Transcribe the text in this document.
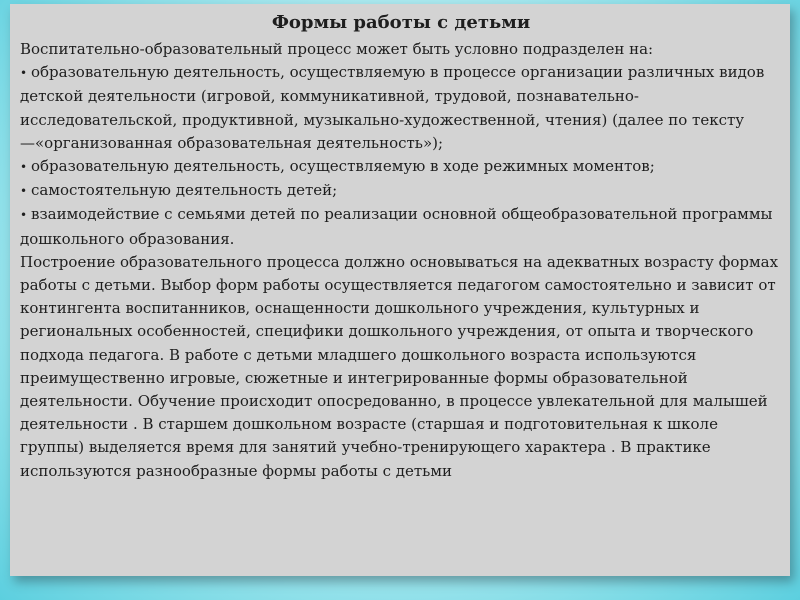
Формы работы с детьми

Воспитательно-образовательный процесс может быть условно подразделен на:

• образовательную деятельность, осуществляемую в процессе организации различных видов детской деятельности (игровой, коммуникативной, трудовой, познавательно-исследовательской, продуктивной, музыкально-художественной, чтения) (далее по тексту —«организованная образовательная деятельность»);
• образовательную деятельность, осуществляемую в ходе режимных моментов;
• самостоятельную деятельность детей;
• взаимодействие с семьями детей по реализации основной общеобразовательной программы дошкольного образования.

Построение образовательного процесса должно основываться на адекватных возрасту формах работы с детьми. Выбор форм работы осуществляется педагогом самостоятельно и зависит от контингента воспитанников, оснащенности дошкольного учреждения, культурных и региональных особенностей, специфики дошкольного учреждения, от опыта и творческого подхода педагога. В работе с детьми младшего дошкольного возраста используются преимущественно игровые, сюжетные и интегрированные формы образовательной деятельности. Обучение происходит опосредованно, в процессе увлекательной для малышей деятельности . В старшем дошкольном возрасте (старшая и подготовительная к школе группы) выделяется время для занятий учебно-тренирующего характера . В практике используются разнообразные формы работы с детьми
